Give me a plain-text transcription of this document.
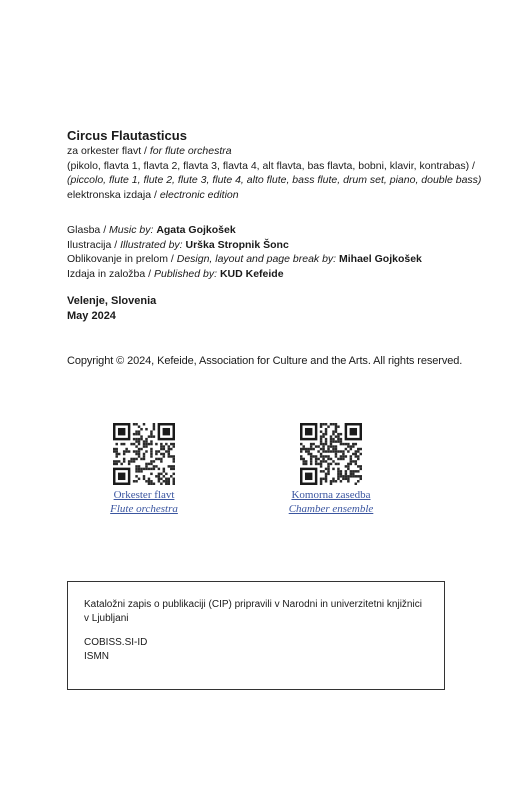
Circus Flautasticus
za orkester flavt / for flute orchestra
(pikolo, flavta 1, flavta 2, flavta 3, flavta 4, alt flavta, bas flavta, bobni, klavir, kontrabas) /
(piccolo, flute 1, flute 2, flute 3, flute 4, alto flute, bass flute, drum set, piano, double bass)
elektronska izdaja / electronic edition
Glasba / Music by: Agata Gojkošek
Ilustracija / Illustrated by: Urška Stropnik Šonc
Oblikovanje in prelom / Design, layout and page break by: Mihael Gojkošek
Izdaja in založba / Published by: KUD Kefeide
Velenje, Slovenia
May 2024
Copyright © 2024, Kefeide, Association for Culture and the Arts. All rights reserved.
Orkester flavt
Flute orchestra
Komorna zasedba
Chamber ensemble
Kataložni zapis o publikaciji (CIP) pripravili v Narodni in univerzitetni knjižnici v Ljubljani
COBISS.SI-ID
ISMN
